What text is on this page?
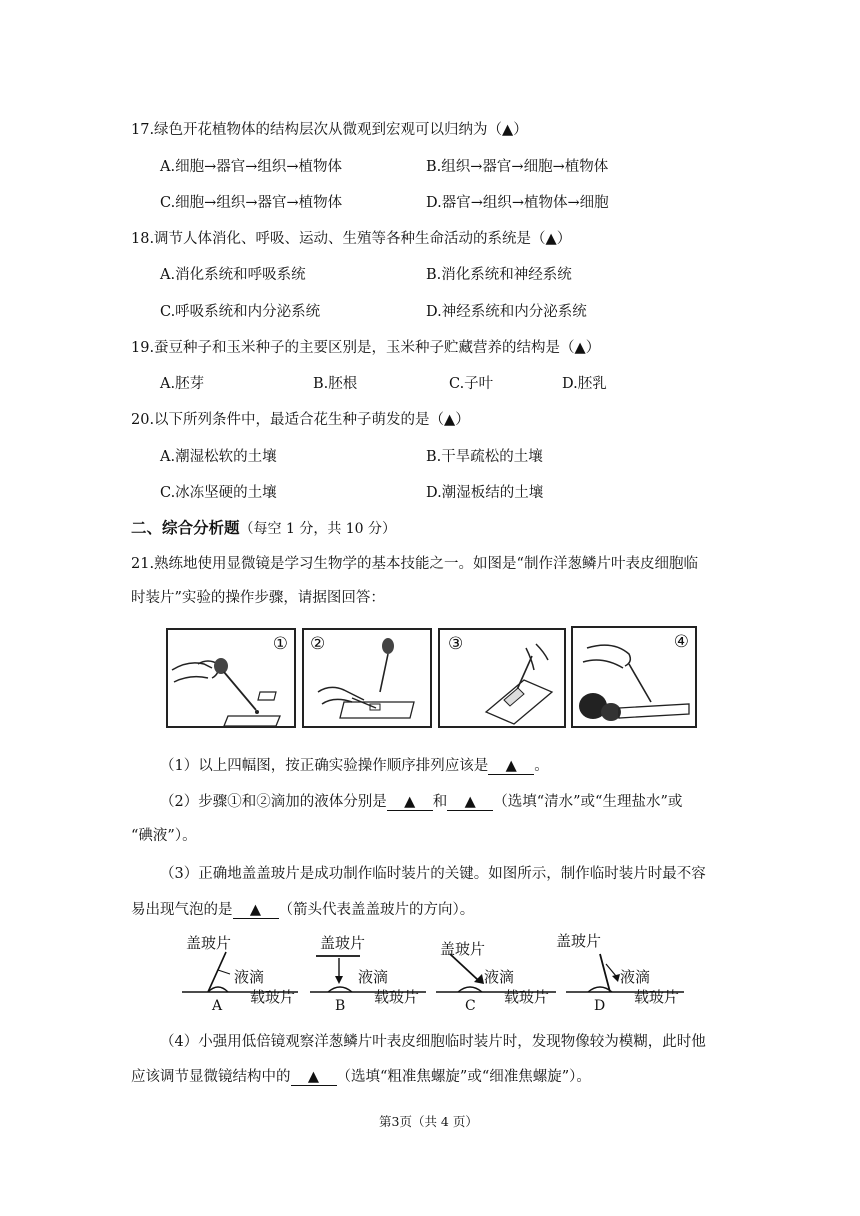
17.绿色开花植物体的结构层次从微观到宏观可以归纳为（▲）
A.细胞→器官→组织→植物体	B.组织→器官→细胞→植物体
C.细胞→组织→器官→植物体	D.器官→组织→植物体→细胞
18.调节人体消化、呼吸、运动、生殖等各种生命活动的系统是（▲）
A.消化系统和呼吸系统	B.消化系统和神经系统
C.呼吸系统和内分泌系统	D.神经系统和内分泌系统
19.蚕豆种子和玉米种子的主要区别是，玉米种子贮藏营养的结构是（▲）
A.胚芽	B.胚根	C.子叶	D.胚乳
20.以下所列条件中，最适合花生种子萌发的是（▲）
A.潮湿松软的土壤	B.干旱疏松的土壤
C.冰冻坚硬的土壤	D.潮湿板结的土壤
二、综合分析题（每空 1 分，共 10 分）
21.熟练地使用显微镜是学习生物学的基本技能之一。如图是“制作洋葱鳞片叶表皮细胞临
时装片”实验的操作步骤，请据图回答：
① ②	③	④
（1）以上四幅图，按正确实验操作顺序排列应该是 ▲ 。
（2）步骤①和②滴加的液体分别是 ▲ 和 ▲ （选填“清水”或“生理盐水”或
“碘液”）。
（3）正确地盖盖玻片是成功制作临时装片的关键。如图所示，制作临时装片时最不容
易出现气泡的是 ▲ （箭头代表盖盖玻片的方向）。
盖玻片
液滴
载玻片
A
盖玻片
液滴
载玻片
B
盖玻片
液滴
载玻片
C
盖玻片
液滴
载玻片
D
（4）小强用低倍镜观察洋葱鳞片叶表皮细胞临时装片时，发现物像较为模糊，此时他
应该调节显微镜结构中的 ▲ （选填“粗准焦螺旋”或“细准焦螺旋”）。
第3页（共 4 页）
